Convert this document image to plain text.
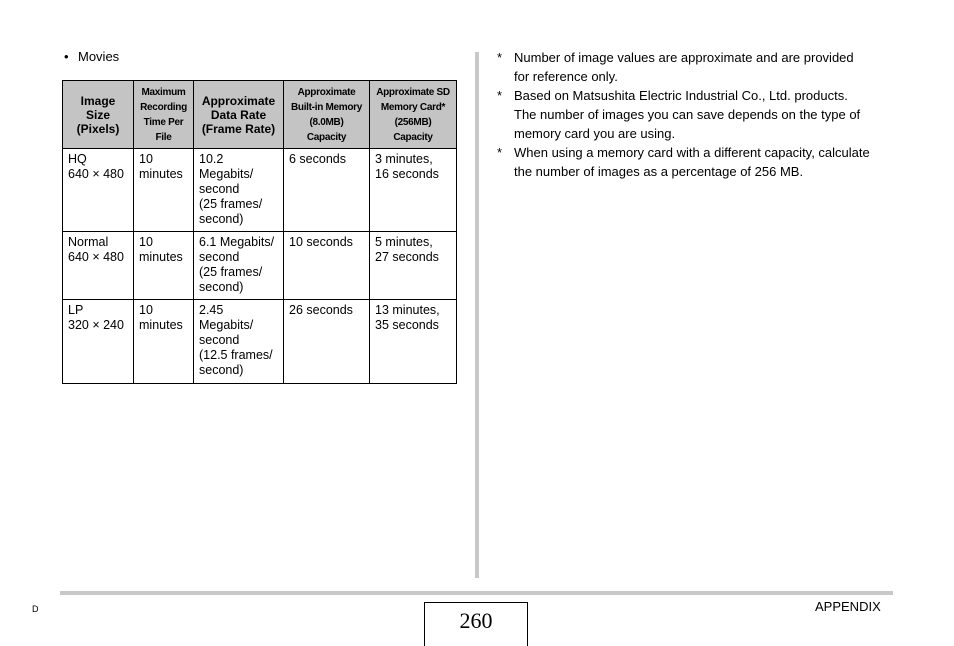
• Movies
Image
Size
(Pixels)	Maximum
Recording
Time Per
File	Approximate
Data Rate
(Frame Rate)	Approximate
Built-in Memory
(8.0MB)
Capacity	Approximate SD
Memory Card*
(256MB)
Capacity
HQ
640 × 480	10
minutes	10.2
Megabits/
second
(25 frames/
second)	6 seconds	3 minutes,
16 seconds
Normal
640 × 480	10
minutes	6.1 Megabits/
second
(25 frames/
second)	10 seconds	5 minutes,
27 seconds
LP
320 × 240	10
minutes	2.45
Megabits/
second
(12.5 frames/
second)	26 seconds	13 minutes,
35 seconds
* Number of image values are approximate and are provided
for reference only.
* Based on Matsushita Electric Industrial Co., Ltd. products.
The number of images you can save depends on the type of
memory card you are using.
* When using a memory card with a different capacity, calculate
the number of images as a percentage of 256 MB.
D	260
APPENDIX
